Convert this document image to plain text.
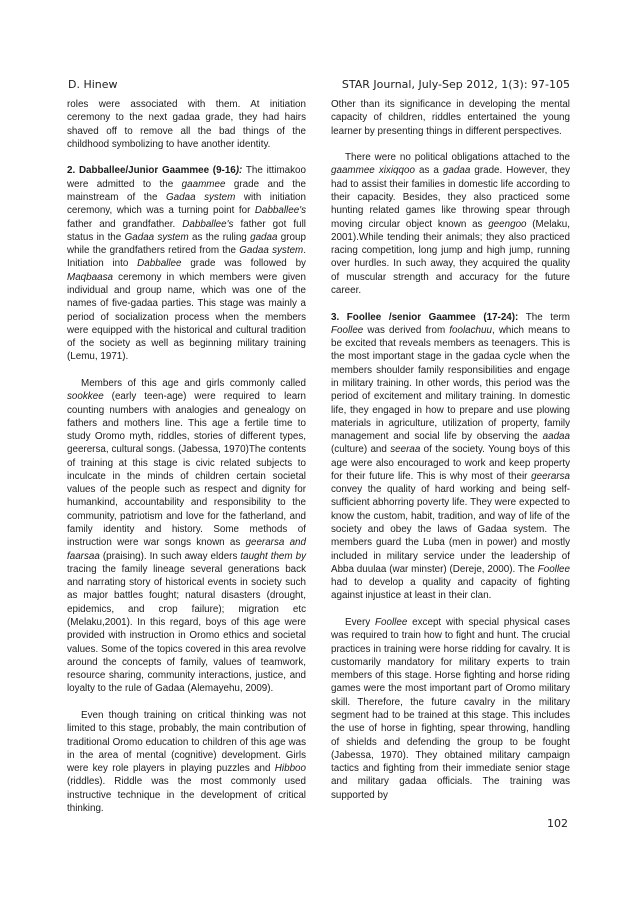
D. Hinew	STAR Journal, July-Sep 2012, 1(3): 97-105

roles were associated with them. At initiation ceremony to the next gadaa grade, they had hairs shaved off to remove all the bad things of the childhood symbolizing to have another identity.

2. Dabballee/Junior Gaammee (9-16): The ittimakoo were admitted to the gaammee grade and the mainstream of the Gadaa system with initiation ceremony, which was a turning point for Dabballee's father and grandfather. Dabballee's father got full status in the Gadaa system as the ruling gadaa group while the grandfathers retired from the Gadaa system. Initiation into Dabballee grade was followed by Maqbaasa ceremony in which members were given individual and group name, which was one of the names of five-gadaa parties. This stage was mainly a period of socialization process when the members were equipped with the historical and cultural tradition of the society as well as beginning military training (Lemu, 1971).

Members of this age and girls commonly called sookkee (early teen-age) were required to learn counting numbers with analogies and genealogy on fathers and mothers line. This age a fertile time to study Oromo myth, riddles, stories of different types, geerersa, cultural songs. (Jabessa, 1970)The contents of training at this stage is civic related subjects to inculcate in the minds of children certain societal values of the people such as respect and dignity for humankind, accountability and responsibility to the community, patriotism and love for the fatherland, and family identity and history. Some methods of instruction were war songs known as geerarsa and faarsaa (praising). In such away elders taught them by tracing the family lineage several generations back and narrating story of historical events in society such as major battles fought; natural disasters (drought, epidemics, and crop failure); migration etc (Melaku,2001). In this regard, boys of this age were provided with instruction in Oromo ethics and societal values. Some of the topics covered in this area revolve around the concepts of family, values of teamwork, resource sharing, community interactions, justice, and loyalty to the rule of Gadaa (Alemayehu, 2009).

Even though training on critical thinking was not limited to this stage, probably, the main contribution of traditional Oromo education to children of this age was in the area of mental (cognitive) development. Girls were key role players in playing puzzles and Hibboo (riddles). Riddle was the most commonly used instructive technique in the development of critical thinking.

Other than its significance in developing the mental capacity of children, riddles entertained the young learner by presenting things in different perspectives.

There were no political obligations attached to the gaammee xixiqqoo as a gadaa grade. However, they had to assist their families in domestic life according to their capacity. Besides, they also practiced some hunting related games like throwing spear through moving circular object known as geengoo (Melaku, 2001).While tending their animals; they also practiced racing competition, long jump and high jump, running over hurdles. In such away, they acquired the quality of muscular strength and accuracy for the future career.

3. Foollee /senior Gaammee (17-24): The term Foollee was derived from foolachuu, which means to be excited that reveals members as teenagers. This is the most important stage in the gadaa cycle when the members shoulder family responsibilities and engage in military training. In other words, this period was the period of excitement and military training. In domestic life, they engaged in how to prepare and use plowing materials in agriculture, utilization of property, family management and social life by observing the aadaa (culture) and seeraa of the society. Young boys of this age were also encouraged to work and keep property for their future life. This is why most of their geerarsa convey the quality of hard working and being self-sufficient abhorring poverty life. They were expected to know the custom, habit, tradition, and way of life of the society and obey the laws of Gadaa system. The members guard the Luba (men in power) and mostly included in military service under the leadership of Abba duulaa (war minster) (Dereje, 2000). The Foollee had to develop a quality and capacity of fighting against injustice at least in their clan.

Every Foollee except with special physical cases was required to train how to fight and hunt. The crucial practices in training were horse ridding for cavalry. It is customarily mandatory for military experts to train members of this stage. Horse fighting and horse riding games were the most important part of Oromo military skill. Therefore, the future cavalry in the military segment had to be trained at this stage. This includes the use of horse in fighting, spear throwing, handling of shields and defending the group to be fought (Jabessa, 1970). They obtained military campaign tactics and fighting from their immediate senior stage and military gadaa officials. The training was supported by

102
